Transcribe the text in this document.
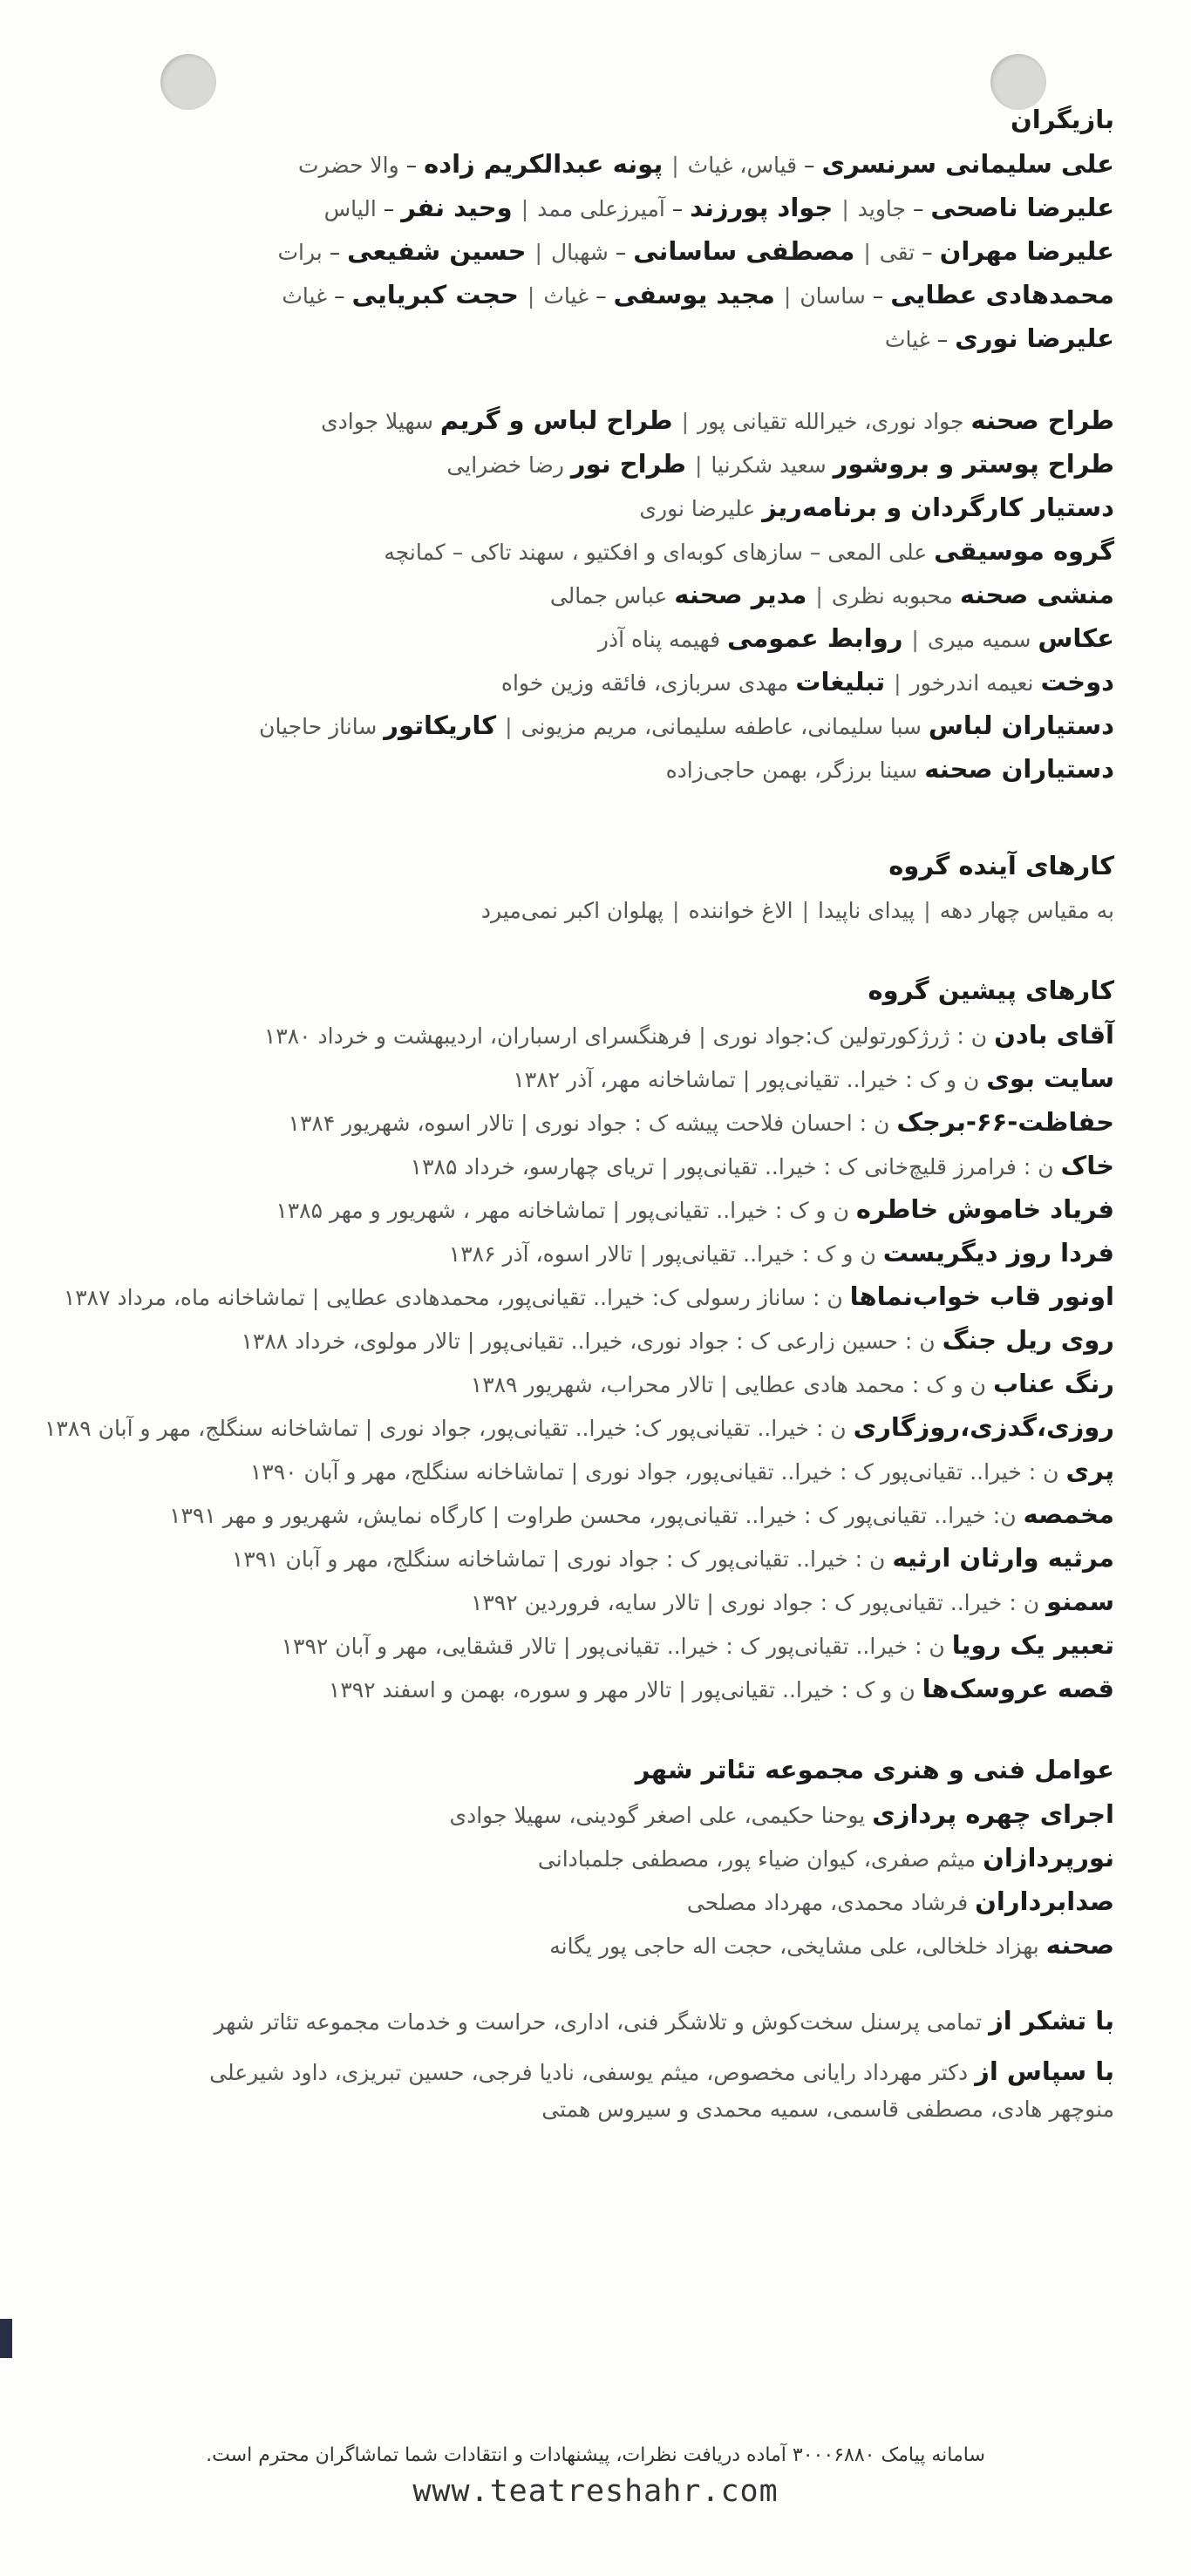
بازیگران
علی سلیمانی سرنسری – قیاس، غیاث|پونه عبدالکریم زاده – والا حضرت
علیرضا ناصحی – جاوید|جواد پورزند – آمیرزعلی ممد|وحید نفر – الیاس
علیرضا مهران – تقی|مصطفی ساسانی – شهبال|حسین شفیعی – برات
محمدهادی عطایی – ساسان|مجید یوسفی – غیاث|حجت کبریایی – غیاث
علیرضا نوری – غیاث
طراح صحنه جواد نوری، خیرالله تقیانی پور|طراح لباس و گریم سهیلا جوادی
طراح پوستر و بروشور سعید شکرنیا|طراح نور رضا خضرایی
دستیار کارگردان و برنامه‌ریز علیرضا نوری
گروه موسیقی علی المعی – سازهای کوبه‌ای و افکتیو ، سهند تاکی – کمانچه
منشی صحنه محبوبه نظری|مدیر صحنه عباس جمالی
عکاس سمیه میری|روابط عمومی فهیمه پناه آذر
دوخت نعیمه اندرخور|تبلیغات مهدی سربازی، فائقه وزین خواه
دستیاران لباس سبا سلیمانی، عاطفه سلیمانی، مریم مزیونی|کاریکاتور ساناز حاجیان
دستیاران صحنه سینا برزگر، بهمن حاجی‌زاده
کارهای آینده گروه
به مقیاس چهار دهه|پیدای ناپیدا|الاغ خواننده|پهلوان اکبر نمی‌میرد
کارهای پیشین گروه
آقای بادن ن : ژرژکورتولین ک:جواد نوری | فرهنگسرای ارسباران، اردیبهشت و خرداد ۱۳۸۰
سایت بوی ن و ک : خیرا.. تقیانی‌پور | تماشاخانه مهر، آذر ۱۳۸۲
حفاظت-۶۶-برجک ن : احسان فلاحت پیشه ک : جواد نوری | تالار اسوه، شهریور ۱۳۸۴
خاک ن : فرامرز قلیچ‌خانی ک : خیرا.. تقیانی‌پور | تریای چهارسو، خرداد ۱۳۸۵
فریاد خاموش خاطره ن و ک : خیرا.. تقیانی‌پور | تماشاخانه مهر ، شهریور و مهر ۱۳۸۵
فردا روز دیگریست ن و ک : خیرا.. تقیانی‌پور | تالار اسوه، آذر ۱۳۸۶
اونور قاب خواب‌نماها ن : ساناز رسولی ک: خیرا.. تقیانی‌پور، محمدهادی عطایی | تماشاخانه ماه، مرداد ۱۳۸۷
روی ریل جنگ ن : حسین زارعی ک : جواد نوری، خیرا.. تقیانی‌پور | تالار مولوی، خرداد ۱۳۸۸
رنگ عناب ن و ک : محمد هادی عطایی | تالار محراب، شهریور ۱۳۸۹
روزی،گدزی،روزگاری ن : خیرا.. تقیانی‌پور ک: خیرا.. تقیانی‌پور، جواد نوری | تماشاخانه سنگلج، مهر و آبان ۱۳۸۹
پری ن : خیرا.. تقیانی‌پور ک : خیرا.. تقیانی‌پور، جواد نوری | تماشاخانه سنگلج، مهر و آبان ۱۳۹۰
مخمصه ن: خیرا.. تقیانی‌پور ک : خیرا.. تقیانی‌پور، محسن طراوت | کارگاه نمایش، شهریور و مهر ۱۳۹۱
مرثیه وارثان ارثیه ن : خیرا.. تقیانی‌پور ک : جواد نوری | تماشاخانه سنگلج، مهر و آبان ۱۳۹۱
سمنو ن : خیرا.. تقیانی‌پور ک : جواد نوری | تالار سایه، فروردین ۱۳۹۲
تعبیر یک رویا ن : خیرا.. تقیانی‌پور ک : خیرا.. تقیانی‌پور | تالار قشقایی، مهر و آبان ۱۳۹۲
قصه عروسک‌ها ن و ک : خیرا.. تقیانی‌پور | تالار مهر و سوره، بهمن و اسفند ۱۳۹۲
عوامل فنی و هنری مجموعه تئاتر شهر
اجرای چهره پردازی یوحنا حکیمی، علی اصغر گودینی، سهیلا جوادی
نورپردازان میثم صفری، کیوان ضیاء پور، مصطفی جلمبادانی
صدابرداران فرشاد محمدی، مهرداد مصلحی
صحنه بهزاد خلخالی، علی مشایخی، حجت اله حاجی پور یگانه
با تشکر از تمامی پرسنل سخت‌کوش و تلاشگر فنی، اداری، حراست و خدمات مجموعه تئاتر شهر
با سپاس از دکتر مهرداد رایانی مخصوص، میثم یوسفی، نادیا فرجی، حسین تبریزی، داود شیرعلی
منوچهر هادی، مصطفی قاسمی، سمیه محمدی و سیروس همتی
سامانه پیامک ۳۰۰۰۶۸۸۰ آماده دریافت نظرات، پیشنهادات و انتقادات شما تماشاگران محترم است.
www.teatreshahr.com
